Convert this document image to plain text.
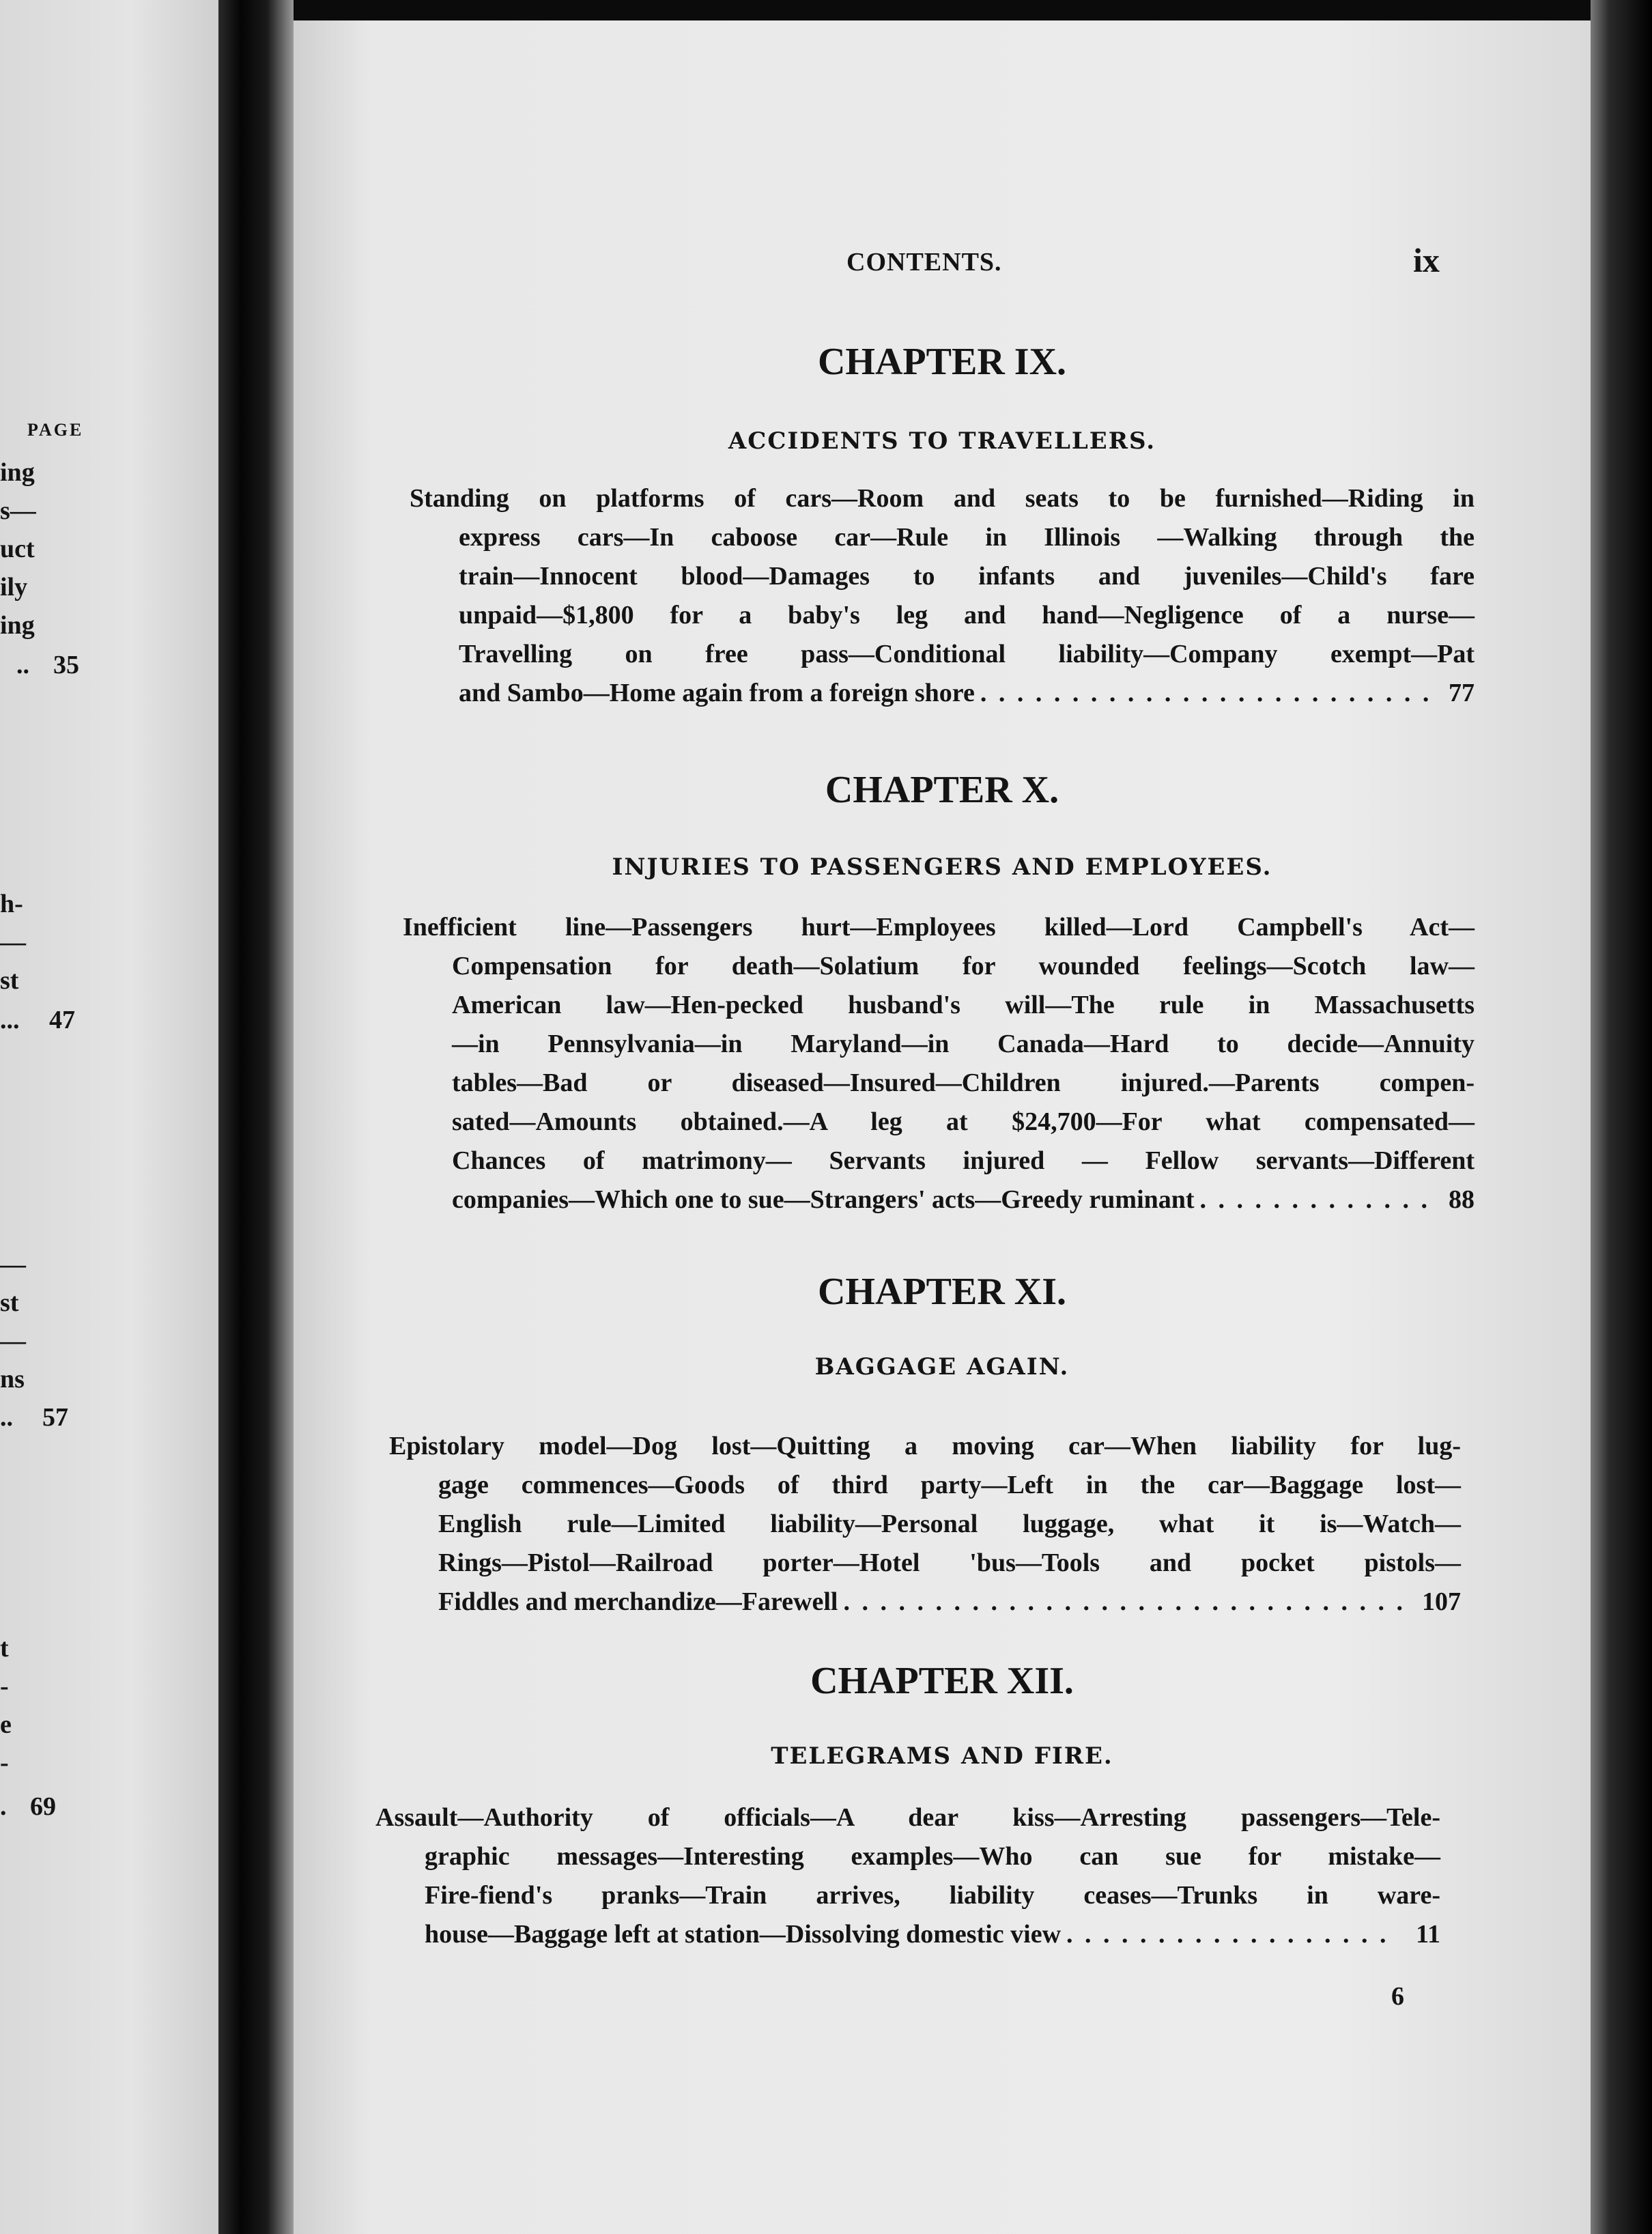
PAGE
ing
s—
uct
ily
ing
.. 35
h-
—
st
... 47
—
st
—
ns
.. 57
t
-
e
-
. 69
CONTENTS.	ix
CHAPTER IX.
ACCIDENTS TO TRAVELLERS.
Standing on platforms of cars—Room and seats to be furnished—Riding in
express cars—In caboose car—Rule in Illinois —Walking through the
train—Innocent blood—Damages to infants and juveniles—Child's fare
unpaid—$1,800 for a baby's leg and hand—Negligence of a nurse—
Travelling on free pass—Conditional liability—Company exempt—Pat
and Sambo—Home again from a foreign shore . . .	77
CHAPTER X.
INJURIES TO PASSENGERS AND EMPLOYEES.
Inefficient line—Passengers hurt—Employees killed—Lord Campbell's Act—
Compensation for death—Solatium for wounded feelings—Scotch law—
American law—Hen-pecked husband's will—The rule in Massachusetts
—in Pennsylvania—in Maryland—in Canada—Hard to decide—Annuity
tables—Bad or diseased—Insured—Children injured.—Parents compen-
sated—Amounts obtained.—A leg at $24,700—For what compensated—
Chances of matrimony— Servants injured — Fellow servants—Different
companies—Which one to sue—Strangers' acts—Greedy ruminant . . .	88
CHAPTER XI.
BAGGAGE AGAIN.
Epistolary model—Dog lost—Quitting a moving car—When liability for lug-
gage commences—Goods of third party—Left in the car—Baggage lost—
English rule—Limited liability—Personal luggage, what it is—Watch—
Rings—Pistol—Railroad porter—Hotel 'bus—Tools and pocket pistols—
Fiddles and merchandize—Farewell . . .	107
CHAPTER XII.
TELEGRAMS AND FIRE.
Assault—Authority of officials—A dear kiss—Arresting passengers—Tele-
graphic messages—Interesting examples—Who can sue for mistake—
Fire-fiend's pranks—Train arrives, liability ceases—Trunks in ware-
house—Baggage left at station—Dissolving domestic view . . .	11
6
